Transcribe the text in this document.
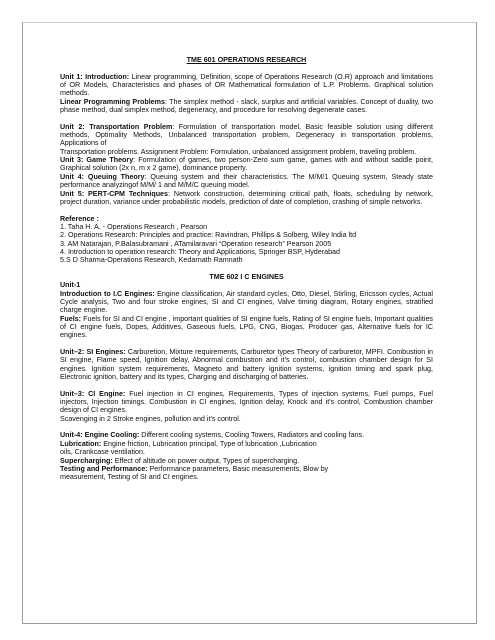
TME 601 OPERATIONS RESEARCH

Unit 1: Introduction: Linear programming, Definition, scope of Operations Research (O.R) approach and limitations of OR Models, Characteristics and phases of OR Mathematical formulation of L.P. Problems. Graphical solution methods.

Linear Programming Problems: The simplex method - slack, surplus and artificial variables. Concept of duality, two phase method, dual simplex method, degeneracy, and procedure for resolving degenerate cases.

Unit 2: Transportation Problem: Formulation of transportation model, Basic feasible solution using different methods, Optimality Methods, Unbalanced transportation problem, Degeneracy in transportation problems, Applications of

Transportation problems. Assignment Problem: Formulation, unbalanced assignment problem, traveling problem.

Unit 3: Game Theory: Formulation of games, two person-Zero sum game, games with and without saddle point, Graphical solution (2x n, m x 2 game), dominance property.

Unit 4: Queuing Theory: Queuing system and their characteristics. The M/M/1 Queuing system, Steady state performance analyzingof M/M/ 1 and M/M/C queuing model.

Unit 5: PERT-CPM Techniques: Network construction, determining critical path, floats, scheduling by network, project duration, variance under probabilistic models, prediction of date of completion, crashing of simple networks.

Reference :

1. Taha H. A. - Operations Research , Pearson

2. Operations Research: Principles and practice: Ravindran, Phillips & Solberg, Wiley India ltd

3. AM Natarajan, P.Balasubramani , ATamilaravari “Operation research” Pearson 2005

4. Introduction to operation research: Theory and Applications, Springer BSP, Hyderabad

5.S D Sharma-Operations Research, Kedarnath Ramnath

TME 602 I C ENGINES

Unit-1

Introduction to I.C Engines: Engine classification, Air standard cycles, Otto, Diesel, Stirling, Ericsson cycles, Actual Cycle analysis, Two and four stroke engines, SI and CI engines, Valve timing diagram, Rotary engines, stratified charge engine.

Fuels: Fuels for SI and CI engine , important qualities of SI engine fuels, Rating of SI engine fuels, Important qualities of CI engine fuels, Dopes, Additives, Gaseous fuels, LPG, CNG, Biogas, Producer gas, Alternative fuels for IC engines.

Unit–2: SI Engines: Carburetion, Mixture requirements, Carburetor types Theory of carburetor, MPFI. Combustion in SI engine, Flame speed, Ignition delay, Abnormal combustion and it's control, combustion chamber design for SI engines. Ignition system requirements, Magneto and battery ignition systems, ignition timing and spark plug, Electronic ignition, battery and its types, Charging and discharging of batteries.

Unit–3: CI Engine: Fuel injection in CI engines, Requirements, Types of injection systems, Fuel pumps, Fuel injectors, Injection timings. Combustion in CI engines, Ignition delay, Knock and it's control, Combustion chamber design of CI engines.

Scavenging in 2 Stroke engines, pollution and it's control.

Unit-4: Engine Cooling: Different cooling systems, Cooling Towers, Radiators and cooling fans.

Lubrication: Engine friction, Lubrication principal, Type of lubrication ,Lubrication

oils, Crankcase ventilation.

Supercharging: Effect of altitude on power output, Types of supercharging.

Testing and Performance: Performance parameters, Basic measurements, Blow by

measurement, Testing of SI and CI engines.
